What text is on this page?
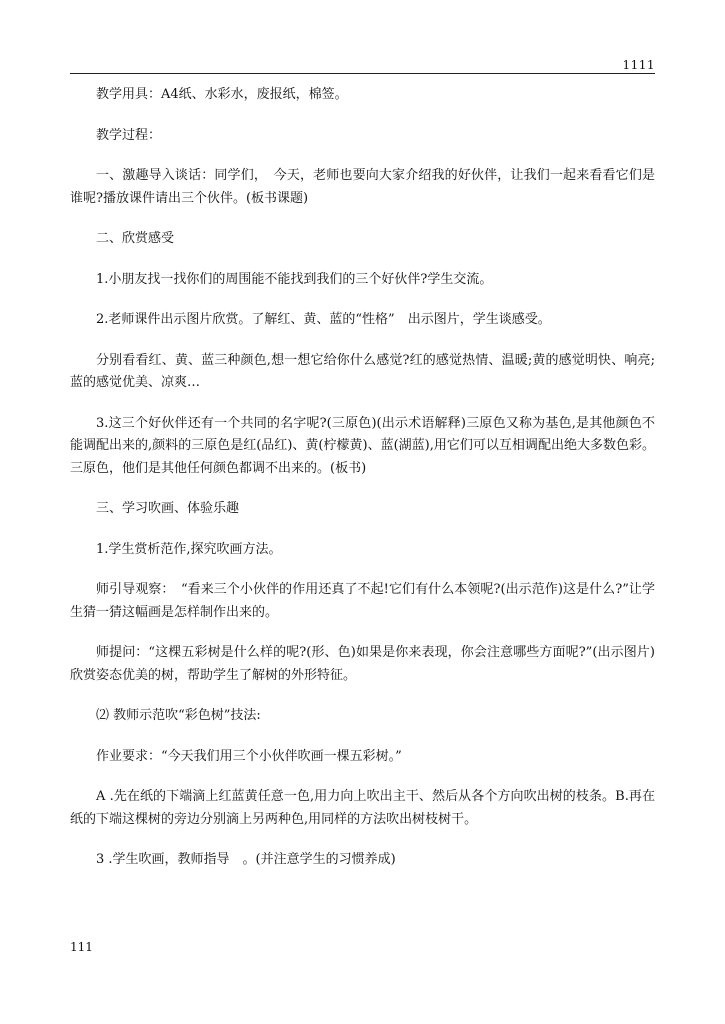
1111

教学用具：A4纸、水彩水，废报纸，棉签。

教学过程：

一、激趣导入谈话：同学们，　今天，老师也要向大家介绍我的好伙伴，让我们一起来看看它们是谁呢?播放课件请出三个伙伴。(板书课题)

二、欣赏感受

1.小朋友找一找你们的周围能不能找到我们的三个好伙伴?学生交流。

2.老师课件出示图片欣赏。了解红、黄、蓝的“性格”　出示图片，学生谈感受。

分别看看红、黄、蓝三种颜色,想一想它给你什么感觉?红的感觉热情、温暖;黄的感觉明快、响亮;蓝的感觉优美、凉爽…

3.这三个好伙伴还有一个共同的名字呢?(三原色)(出示术语解释)三原色又称为基色,是其他颜色不能调配出来的,颜料的三原色是红(品红)、黄(柠檬黄)、蓝(湖蓝),用它们可以互相调配出绝大多数色彩。三原色，他们是其他任何颜色都调不出来的。(板书)

三、学习吹画、体验乐趣

1.学生赏析范作,探究吹画方法。

师引导观察：　“看来三个小伙伴的作用还真了不起!它们有什么本领呢?(出示范作)这是什么?”让学生猜一猜这幅画是怎样制作出来的。

师提问：“这棵五彩树是什么样的呢?(形、色)如果是你来表现，你会注意哪些方面呢?”(出示图片)欣赏姿态优美的树，帮助学生了解树的外形特征。

⑵ 教师示范吹“彩色树”技法:

作业要求：“今天我们用三个小伙伴吹画一棵五彩树。”

A .先在纸的下端滴上红蓝黄任意一色,用力向上吹出主干、然后从各个方向吹出树的枝条。B.再在纸的下端这棵树的旁边分别滴上另两种色,用同样的方法吹出树枝树干。

3 .学生吹画，教师指导　。(并注意学生的习惯养成)

111
